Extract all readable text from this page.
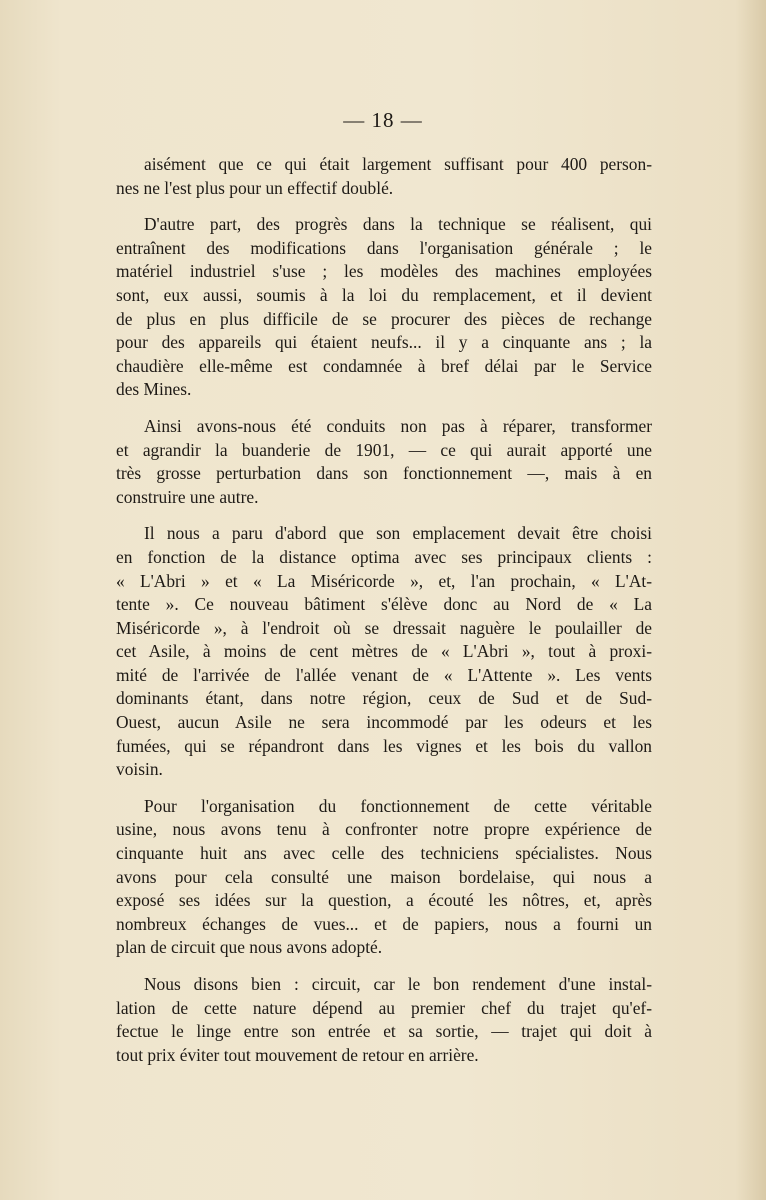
— 18 —

aisément que ce qui était largement suffisant pour 400 person-
nes ne l'est plus pour un effectif doublé.

D'autre part, des progrès dans la technique se réalisent, qui
entraînent des modifications dans l'organisation générale ; le
matériel industriel s'use ; les modèles des machines employées
sont, eux aussi, soumis à la loi du remplacement, et il devient
de plus en plus difficile de se procurer des pièces de rechange
pour des appareils qui étaient neufs... il y a cinquante ans ; la
chaudière elle-même est condamnée à bref délai par le Service
des Mines.

Ainsi avons-nous été conduits non pas à réparer, transformer
et agrandir la buanderie de 1901, — ce qui aurait apporté une
très grosse perturbation dans son fonctionnement —, mais à en
construire une autre.

Il nous a paru d'abord que son emplacement devait être choisi
en fonction de la distance optima avec ses principaux clients :
« L'Abri » et « La Miséricorde », et, l'an prochain, « L'At-
tente ». Ce nouveau bâtiment s'élève donc au Nord de « La
Miséricorde », à l'endroit où se dressait naguère le poulailler de
cet Asile, à moins de cent mètres de « L'Abri », tout à proxi-
mité de l'arrivée de l'allée venant de « L'Attente ». Les vents
dominants étant, dans notre région, ceux de Sud et de Sud-
Ouest, aucun Asile ne sera incommodé par les odeurs et les
fumées, qui se répandront dans les vignes et les bois du vallon
voisin.

Pour l'organisation du fonctionnement de cette véritable
usine, nous avons tenu à confronter notre propre expérience de
cinquante huit ans avec celle des techniciens spécialistes. Nous
avons pour cela consulté une maison bordelaise, qui nous a
exposé ses idées sur la question, a écouté les nôtres, et, après
nombreux échanges de vues... et de papiers, nous a fourni un
plan de circuit que nous avons adopté.

Nous disons bien : circuit, car le bon rendement d'une instal-
lation de cette nature dépend au premier chef du trajet qu'ef-
fectue le linge entre son entrée et sa sortie, — trajet qui doit à
tout prix éviter tout mouvement de retour en arrière.
